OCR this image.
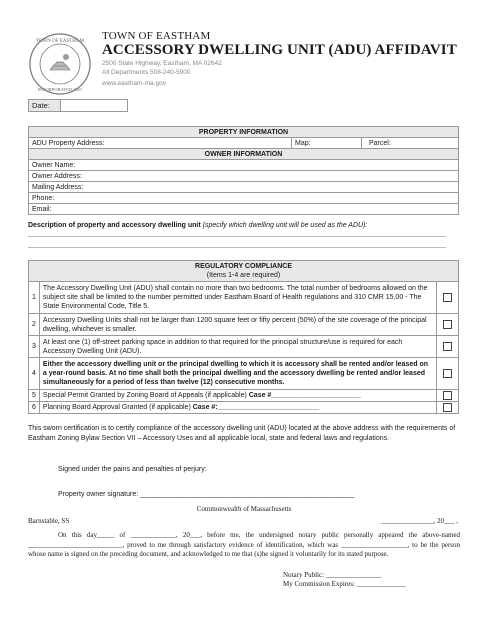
TOWN OF EASTHAM
INCORPORATED 1651
TOWN OF EASTHAM
ACCESSORY DWELLING UNIT (ADU) AFFIDAVIT
2500 State Highway, Eastham, MA 02642
All Departments 508-240-5900
www.eastham-ma.gov
Date:
PROPERTY INFORMATION
ADU Property Address:	Map:	Parcel:
OWNER INFORMATION
Owner Name:
Owner Address:
Mailing Address:
Phone:
Email:
Description of property and accessory dwelling unit (specify which dwelling unit will be used as the ADU):
REGULATORY COMPLIANCE
(Items 1-4 are required)		

1	The Accessory Dwelling Unit (ADU) shall contain no more than two bedrooms. The total number of bedrooms allowed on the subject site shall be limited to the number permitted under Eastham Board of Health regulations and 310 CMR 15.00 - The State Environmental Code, Title 5.	

2	Accessory Dwelling Units shall not be larger than 1200 square feet or fifty percent (50%) of the site coverage of the principal dwelling, whichever is smaller.	

3	At least one (1) off-street parking space in addition to that required for the principal structure/use is required for each Accessory Dwelling Unit (ADU).	

4	Either the accessory dwelling unit or the principal dwelling to which it is accessory shall be rented and/or leased on a year-round basis. At no time shall both the principal dwelling and the accessory dwelling be rented and/or leased simultaneously for a period of less than twelve (12) consecutive months.	

5	Special Permit Granted by Zoning Board of Appeals (if applicable) Case #_______________________	

6	Planning Board Approval Granted (if applicable) Case #:__________________________	
This sworn certification is to certify compliance of the accessory dwelling unit (ADU) located at the above address with the requirements of Eastham Zoning Bylaw Section VII – Accessory Uses and all applicable local, state and federal laws and regulations.
Signed under the pains and penalties of perjury:
Property owner signature: _______________________________________________________
Commonwealth of Massachusetts
Barnstable, SS	_______________, 20___ ,
On this day_____ of _____________, 20___, before me, the undersigned notary public personally appeared the above-named ___________________________, proved to me through satisfactory evidence of identification, which was ___________________, to be the person whose name is signed on the preceding document, and acknowledged to me that (s)he signed it voluntarily for its stated purpose.
Notary Public: ________________
My Commission Expires: ______________
